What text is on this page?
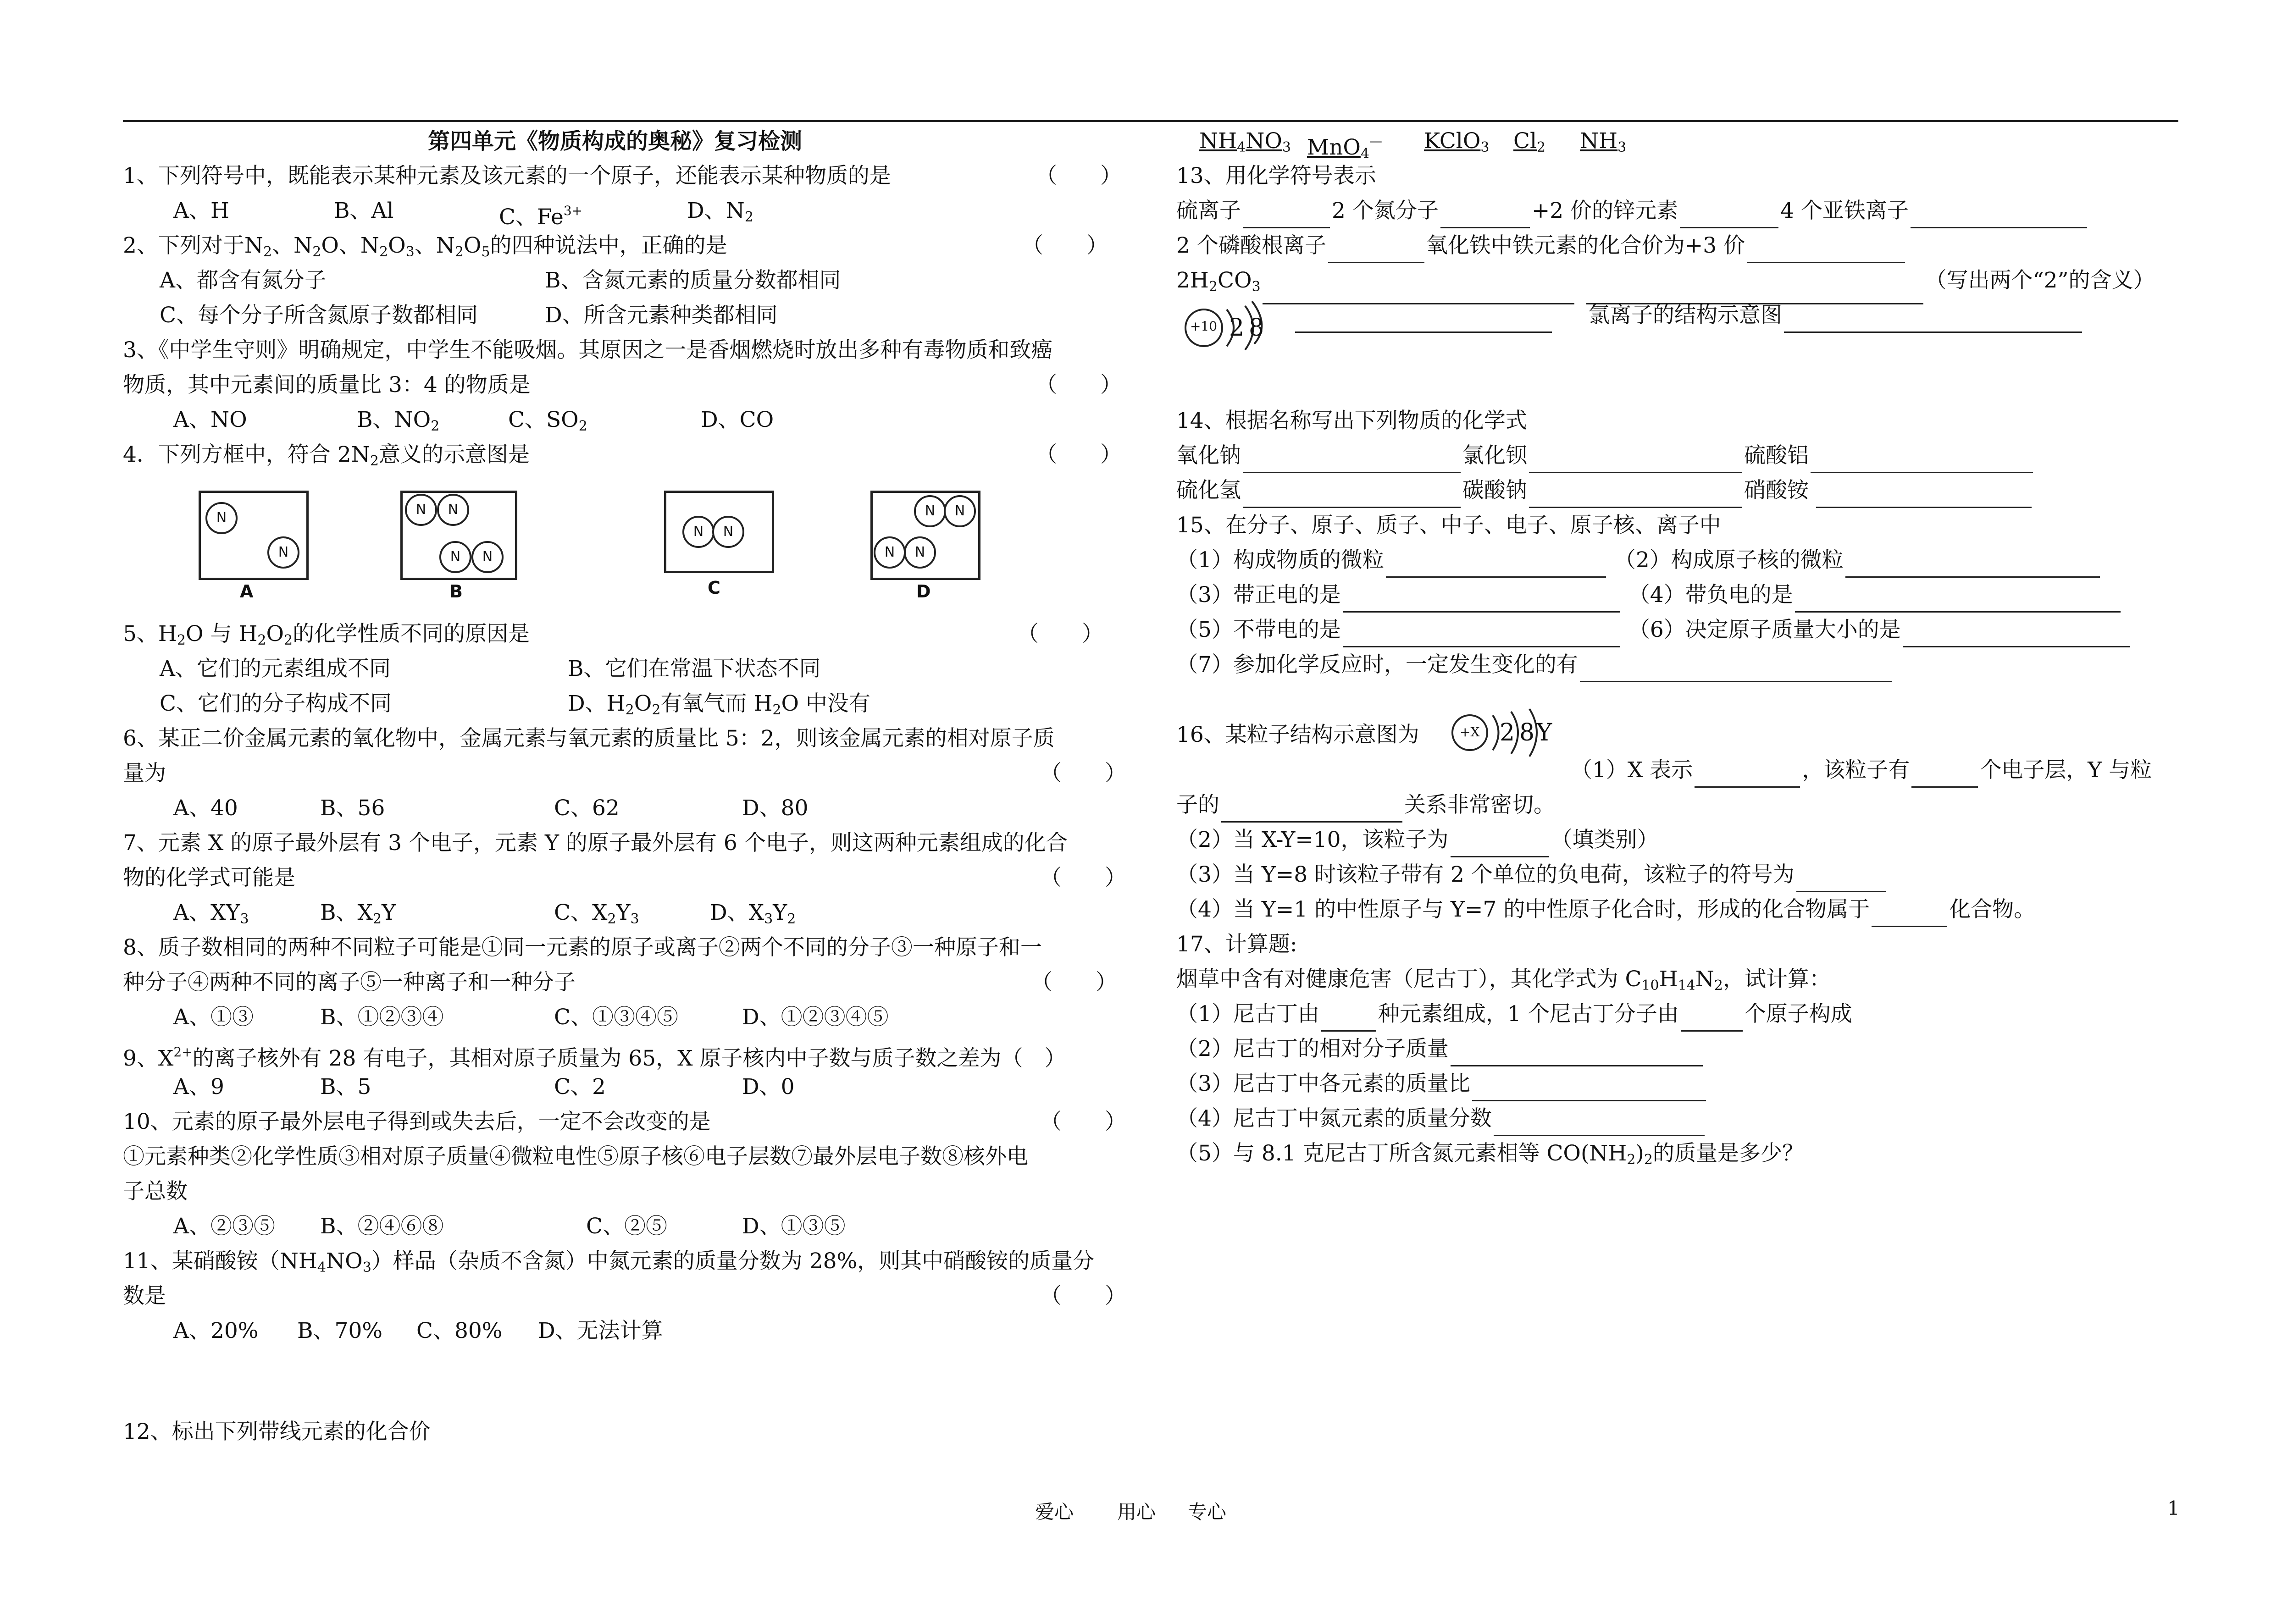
第四单元《物质构成的奥秘》复习检测
1、下列符号中，既能表示某种元素及该元素的一个原子，还能表示某种物质的是	（　　）
A、H	B、Al	C、$Fe^{3+}$	D、$N_2$
2、下列对于$N_2$、$N_2O$、$N_2O_3$、$N_2O_5$的四种说法中，正确的是	（　　）
A、都含有氮分子	B、含氮元素的质量分数都相同
C、每个分子所含氮原子数都相同	D、所含元素种类都相同
3、《中学生守则》明确规定，中学生不能吸烟。其原因之一是香烟燃烧时放出多种有毒物质和致癌
物质，其中元素间的质量比 3：4 的物质是	（　　）
A、NO	B、$NO_2$	C、$SO_2$	D、CO
4．下列方框中，符合 $2N_2$意义的示意图是	（　　）
N
N
A
N	N
N	N
B
N	N
C
N	N
N	N
D
5、$H_2O$ 与 $H_2O_2$的化学性质不同的原因是	（　　）
A、它们的元素组成不同	B、它们在常温下状态不同
C、它们的分子构成不同	D、$H_2O_2$有氧气而 $H_2O$ 中没有
6、某正二价金属元素的氧化物中，金属元素与氧元素的质量比 5：2，则该金属元素的相对原子质
量为	（　　）
A、40	B、56	C、62	D、80
7、元素 X 的原子最外层有 3 个电子，元素 Y 的原子最外层有 6 个电子，则这两种元素组成的化合
物的化学式可能是	（　　）
A、$XY_3$	B、$X_2Y$	C、$X_2Y_3$	D、$X_3Y_2$
8、质子数相同的两种不同粒子可能是①同一元素的原子或离子②两个不同的分子③一种原子和一
种分子④两种不同的离子⑤一种离子和一种分子	（　　）
A、①③	B、①②③④	C、①③④⑤	D、①②③④⑤
9、$X^{2+}$的离子核外有 28 有电子，其相对原子质量为 65，X 原子核内中子数与质子数之差为（　）
A、9	B、5	C、2	D、0
10、元素的原子最外层电子得到或失去后，一定不会改变的是	（　　）
①元素种类②化学性质③相对原子质量④微粒电性⑤原子核⑥电子层数⑦最外层电子数⑧核外电
子总数
A、②③⑤ B、②④⑥⑧	C、②⑤	D、①③⑤
11、某硝酸铵$(NH_4NO_3)$样品（杂质不含氮）中氮元素的质量分数为 28%，则其中硝酸铵的质量分
数是	（　　）
A、20% B、70% C、80% D、无法计算
12、标出下列带线元素的化合价
$NH_4NO_3$ MnO$_4$— KClO$_3$ $Cl_2$ $NH_3$
13、用化学符号表示
硫离子	2 个氮分子	+2 价的锌元素	4 个亚铁离子
2 个磷酸根离子	氧化铁中铁元素的化合价为+3 价
$2H_2CO_3$	（写出两个“2”的含义）
+10 2 8	氯离子的结构示意图
14、根据名称写出下列物质的化学式
氧化钠	氯化钡	硫酸铝
硫化氢	碳酸钠	硝酸铵
15、在分子、原子、质子、中子、电子、原子核、离子中
（1）构成物质的微粒	（2）构成原子核的微粒
（3）带正电的是	（4）带负电的是
（5）不带电的是	（6）决定原子质量大小的是
（7）参加化学反应时，一定发生变化的有
16、某粒子结构示意图为	+X 2 8 Y
（1）X 表示	，该粒子有	个电子层，Y 与粒
子的	关系非常密切。
（2）当 X-Y=10，该粒子为	（填类别）
（3）当 Y=8 时该粒子带有 2 个单位的负电荷，该粒子的符号为
（4）当 Y=1 的中性原子与 Y=7 的中性原子化合时，形成的化合物属于	化合物。
17、计算题:
烟草中含有对健康危害（尼古丁），其化学式为 $C_{10}H_{14}N_2$，试计算：
（1）尼古丁由	种元素组成，1 个尼古丁分子由	个原子构成
（2）尼古丁的相对分子质量
（3）尼古丁中各元素的质量比
（4）尼古丁中氮元素的质量分数
（5）与 8.1 克尼古丁所含氮元素相等 $CO(NH_2)_2$的质量是多少？
爱心 用心 专心	1
